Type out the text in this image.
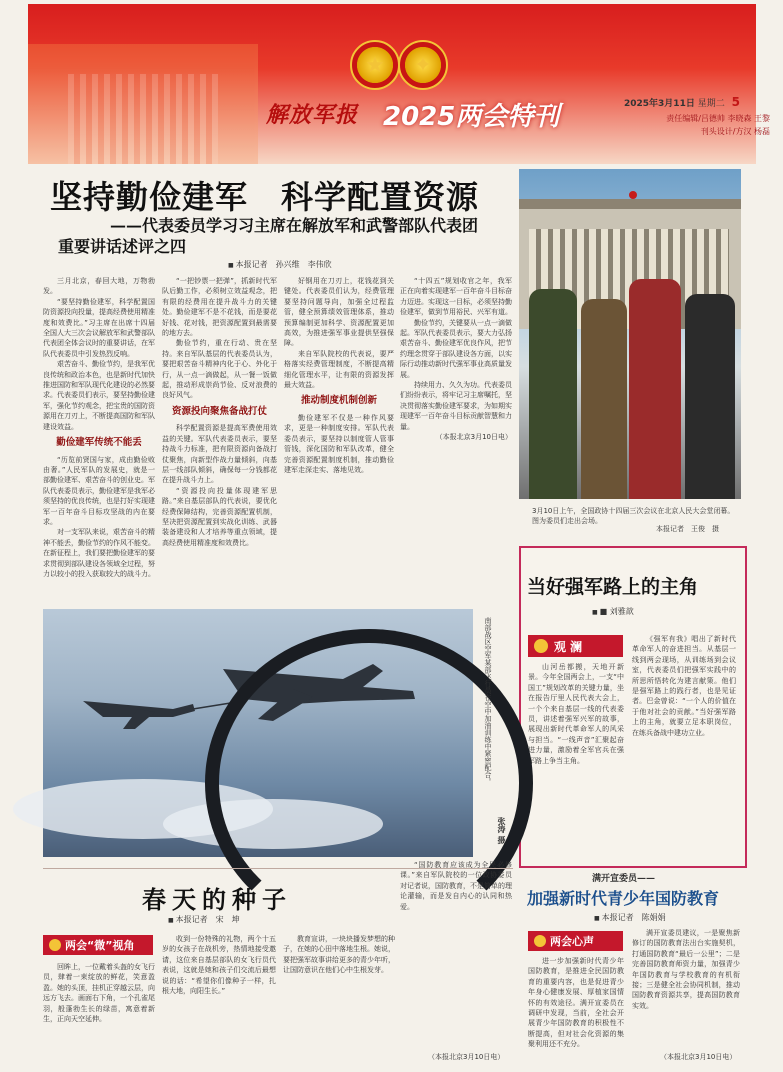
★	✦
解放军报 2025两会特刊	2025年3月11日 星期二 5
责任编辑/吕德帅 李晓森 王黎
刊头设计/方汉 杨磊
坚持勤俭建军　科学配置资源
——代表委员学习习主席在解放军和武警部队代表团
重要讲话述评之四
■ 本报记者　孙兴维　李伟欣

三月北京，春回大地，万物勃发。

“要坚持勤俭建军，科学配置国防资源投向投量，提高经费使用精准度和效费比。”习主席在出席十四届全国人大三次会议解放军和武警部队代表团全体会议时的重要讲话，在军队代表委员中引发热烈反响。

艰苦奋斗、勤俭节约，是我军优良传统和政治本色，也是新时代加快推进国防和军队现代化建设的必然要求。代表委员们表示，要坚持勤俭建军，强化节约观念，把宝贵的国防资源用在刀刃上，不断提高国防和军队建设效益。

勤俭建军传统不能丢

“历览前贤国与家，成由勤俭败由奢。”人民军队的发展史，就是一部勤俭建军、艰苦奋斗的创业史。军队代表委员表示，勤俭建军是我军必须坚持的优良传统，也是打好实现建军一百年奋斗目标攻坚战的内在要求。

对一支军队来说，艰苦奋斗的精神不能丢，勤俭节约的作风不能变。在新征程上，我们要把勤俭建军的要求贯彻到部队建设各领域全过程，努力以较小的投入获取较大的战斗力。

“一把钞票一把弹”，抓新时代军队后勤工作，必须树立效益观念，把有限的经费用在提升战斗力的关键处。勤俭建军不是不花钱，而是要花好钱、花对钱，把资源配置到最需要的地方去。

勤俭节约，重在行动、贵在坚持。来自军队基层的代表委员认为，要把艰苦奋斗精神内化于心、外化于行，从一点一滴做起，从一餐一饭做起，推动形成崇尚节俭、反对浪费的良好风气。

资源投向聚焦备战打仗

科学配置资源是提高军费使用效益的关键。军队代表委员表示，要坚持战斗力标准，把有限资源向备战打仗聚焦，向新型作战力量倾斜，向基层一线部队倾斜，确保每一分钱都花在提升战斗力上。

“资源投向投量体现建军思路。”来自基层部队的代表说，要优化经费保障结构，完善资源配置机制，坚决把资源配置到实战化训练、武器装备建设和人才培养等重点领域，提高经费使用精准度和效费比。

好钢用在刀刃上，花钱花到关键处。代表委员们认为，经费管理要坚持问题导向，加强全过程监管，健全预算绩效管理体系，推动预算编制更加科学、资源配置更加高效，为推进强军事业提供坚强保障。

来自军队院校的代表说，要严格落实经费管理制度，不断提高精细化管理水平，让有限的资源发挥最大效益。

推动制度机制创新

勤俭建军不仅是一种作风要求，更是一种制度安排。军队代表委员表示，要坚持以制度管人管事管钱，深化国防和军队改革，健全完善资源配置制度机制，推动勤俭建军走深走实、落地见效。

“十四五”规划收官之年，我军正在向着实现建军一百年奋斗目标奋力迈进。实现这一目标，必须坚持勤俭建军，做到节用裕民、兴军有道。

勤俭节约，关键要从一点一滴做起。军队代表委员表示，要大力弘扬艰苦奋斗、勤俭建军优良作风，把节约理念贯穿于部队建设各方面，以实际行动推动新时代强军事业高质量发展。

持续用力、久久为功。代表委员们纷纷表示，将牢记习主席嘱托，坚决贯彻落实勤俭建军要求，为如期实现建军一百年奋斗目标贡献智慧和力量。

（本报北京3月10日电）

3月10日上午，全国政协十四届三次会议在北京人民大会堂闭幕。图为委员们走出会场。
本报记者　王俊　摄
当好强军路上的主角
■ ■ 刘雅歆
观 澜

山河岳都搬，天地开新景。今年全国两会上，一支“中国工”规划改革的关键力量，坐在报告厅里人民代表大会上，一个个来自基层一线的代表委员，讲述着强军兴军的故事，展现出新时代革命军人的风采与担当。“一线声音”汇聚起奋进力量，激励着全军官兵在强军路上争当主角。

《强军有我》唱出了新时代革命军人的奋进担当。从基层一线到两会现场，从训练场到会议室，代表委员们把强军实践中的所思所悟转化为建言献策。他们是强军路上的践行者，也是见证者。巴金曾说：“一个人的价值在于他对社会的贡献。”当好强军路上的主角，就要立足本职岗位，在练兵备战中建功立业。

南部战区空军某部飞行员在空中加油训练中紧密配合。
张涛 摄
春天的种子
■ 本报记者　宋　坤
两会“微”视角

回眸上，一位戴着头盔的女飞行员，肆着一束绽放的鲜花，笑意盈盈。她的头顶，挂机正穿越云层，向远方飞去。画面右下角，一个孔雀尾羽，般蓬勃生长的绿苗，寓意着新生，正向天空延伸。

收到一份特殊的礼物，两个十五岁的女孩子在战机旁，热情地接受邀请，这位来自基层部队的女飞行员代表说，这就是她和孩子们交流后最想说的话：“希望你们像种子一样，扎根大地，向阳生长。”

教育宣讲，一块块播发梦想的种子，在她的心田中落地生根。她说，要把强军故事讲给更多的青少年听，让国防意识在他们心中生根发芽。

“国防教育应该成为全民必修课。”来自军队院校的一位政协委员对记者说，国防教育，不是简单的理论灌输，而是发自内心的认同和热爱。

（本报北京3月10日电）
满开宣委员——
加强新时代青少年国防教育
■ 本报记者　陈娟娟
两会心声

进一步加强新时代青少年国防教育，是推进全民国防教育的重要内容，也是促进青少年身心健康发展、厚植家国情怀的有效途径。满开宣委员在调研中发现，当前，全社会开展青少年国防教育的积极性不断提高，但对社会化资源的集聚利用还不充分。

满开宣委员建议，一是聚焦新修订的国防教育法出台实施契机，打通国防教育“最后一公里”；二是完善国防教育师资力量，加强青少年国防教育与学校教育的有机衔接；三是健全社会协同机制，推动国防教育资源共享，提高国防教育实效。

（本报北京3月10日电）
